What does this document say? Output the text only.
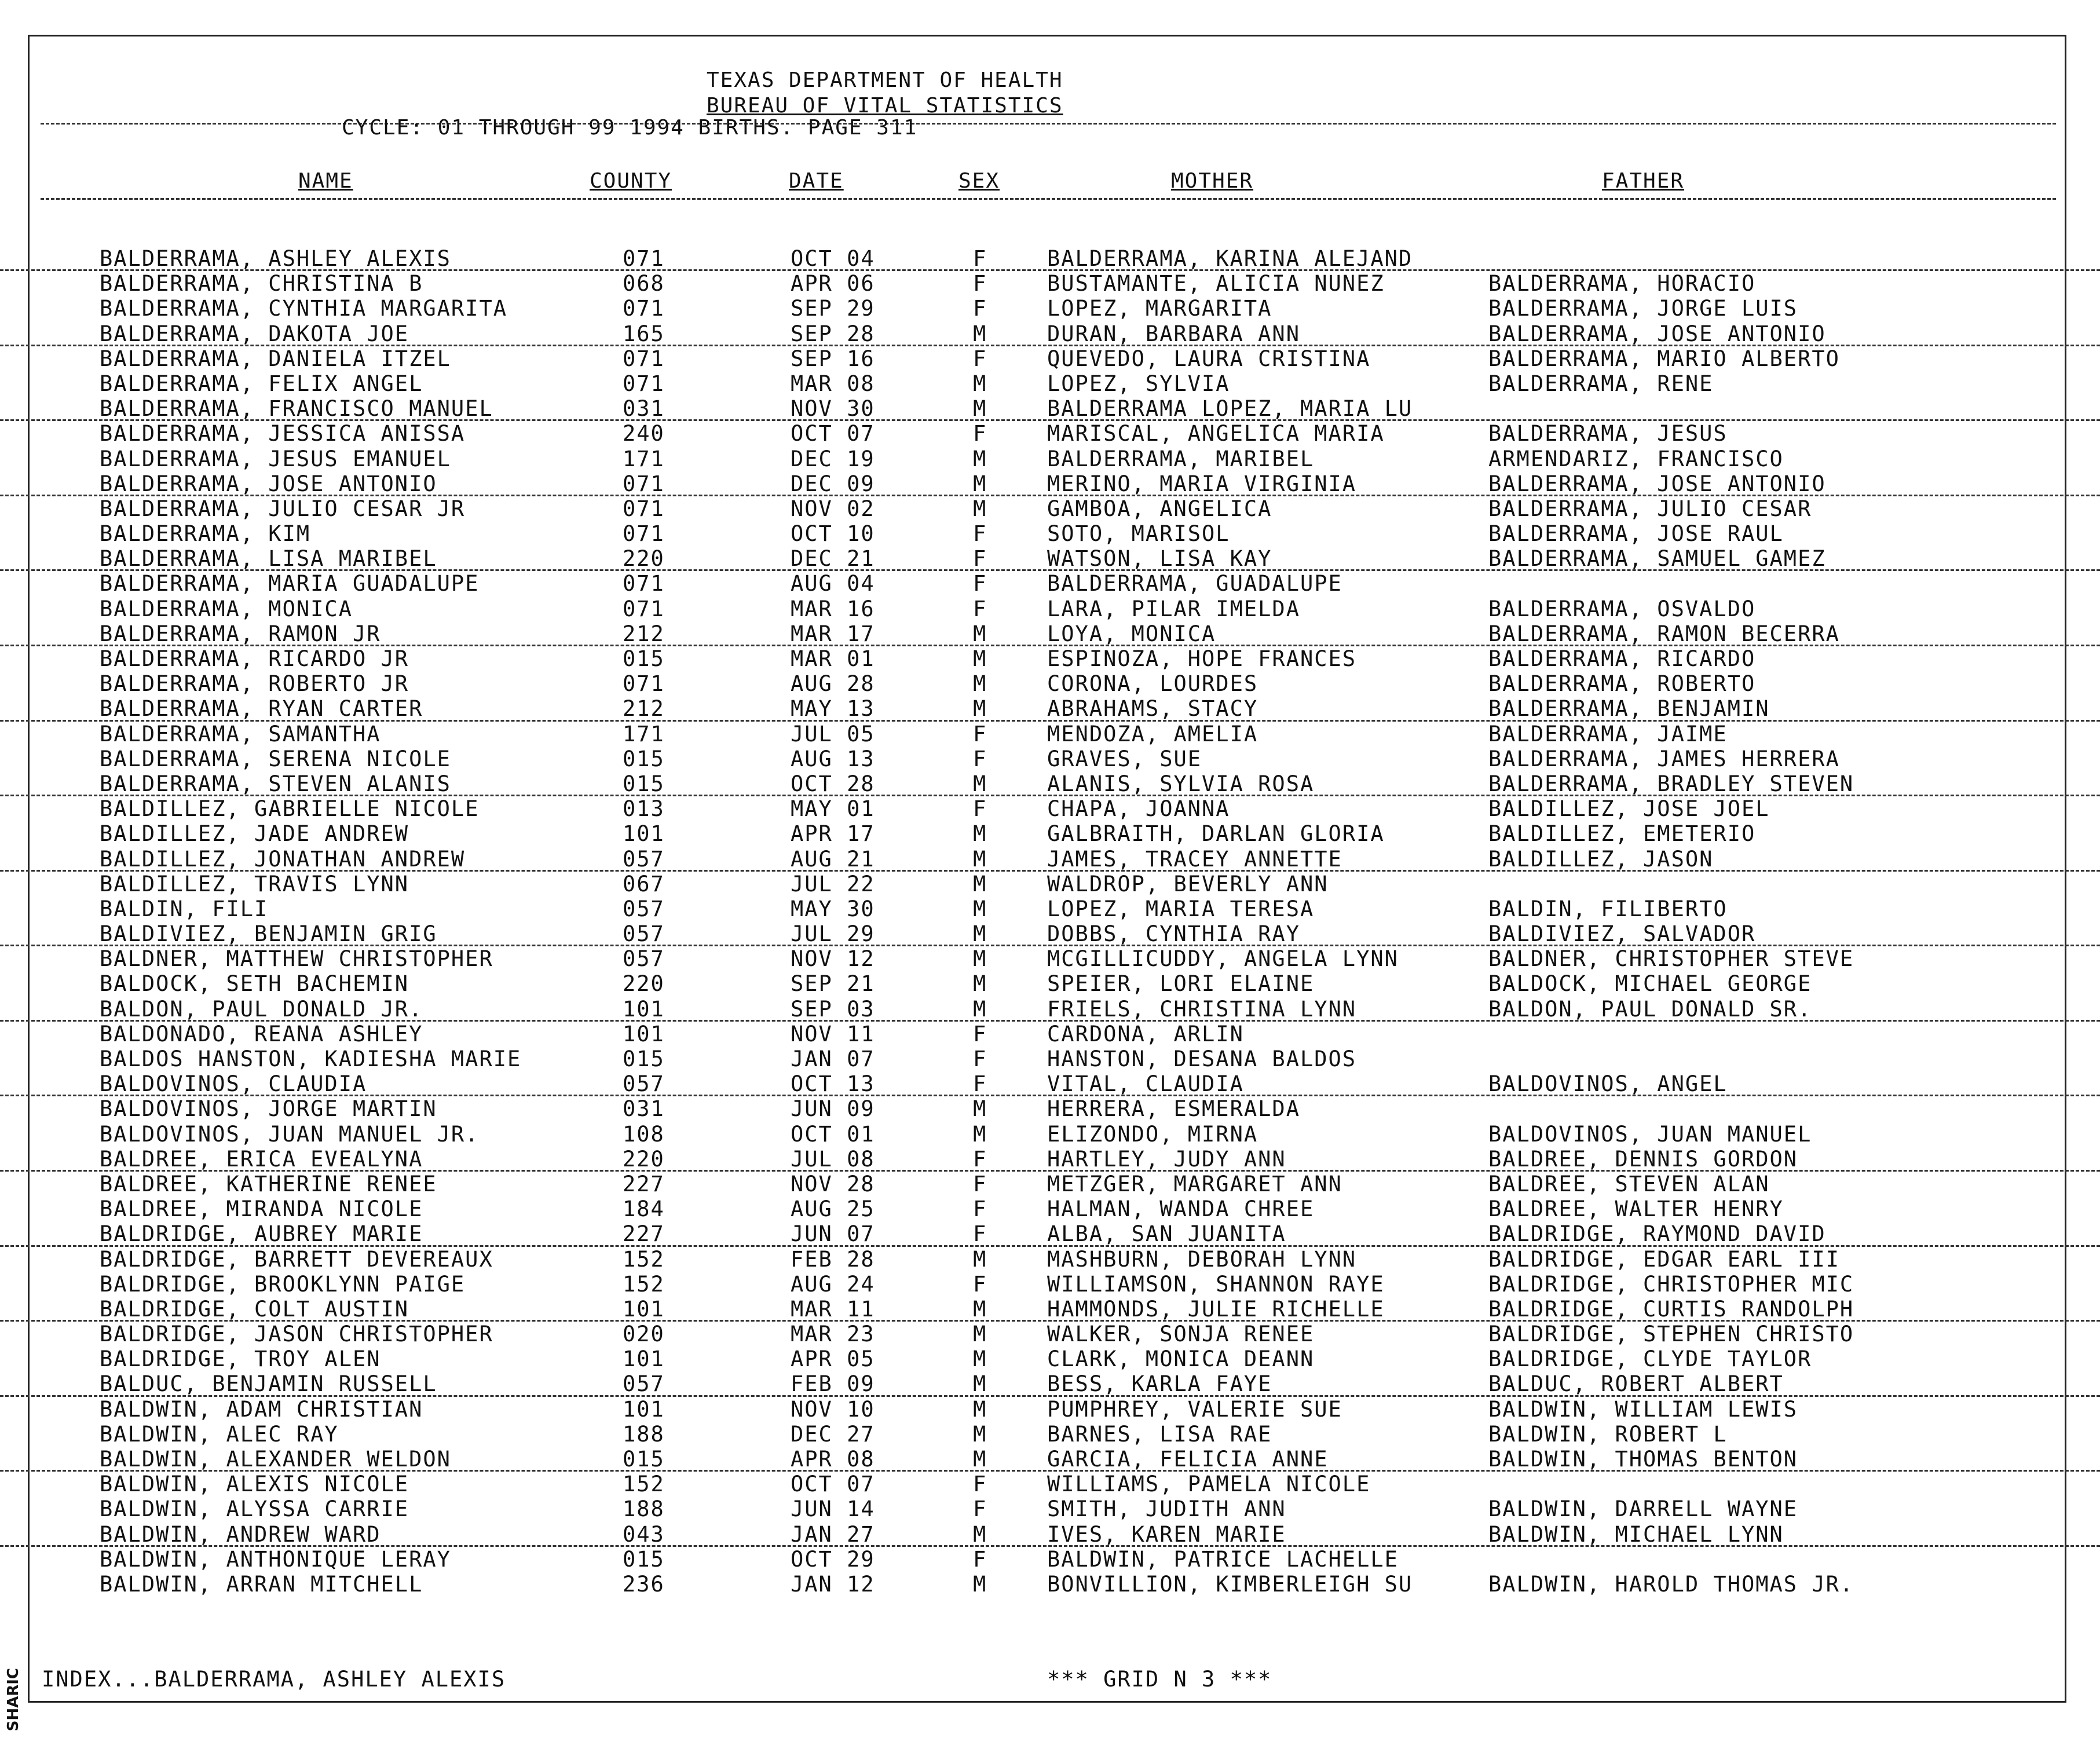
TEXAS DEPARTMENT OF HEALTH
BUREAU OF VITAL STATISTICS
CYCLE: 01 THROUGH 99 1994 BIRTHS. PAGE 311
NAME	COUNTY	DATE	SEX	MOTHER	FATHER
BALDERRAMA, ASHLEY ALEXIS	071	OCT 04	F	BALDERRAMA, KARINA ALEJAND
BALDERRAMA, CHRISTINA B	068	APR 06	F	BUSTAMANTE, ALICIA NUNEZ	BALDERRAMA, HORACIO
BALDERRAMA, CYNTHIA MARGARITA	071	SEP 29	F	LOPEZ, MARGARITA	BALDERRAMA, JORGE LUIS
BALDERRAMA, DAKOTA JOE	165	SEP 28	M	DURAN, BARBARA ANN	BALDERRAMA, JOSE ANTONIO
BALDERRAMA, DANIELA ITZEL	071	SEP 16	F	QUEVEDO, LAURA CRISTINA	BALDERRAMA, MARIO ALBERTO
BALDERRAMA, FELIX ANGEL	071	MAR 08	M	LOPEZ, SYLVIA	BALDERRAMA, RENE
BALDERRAMA, FRANCISCO MANUEL	031	NOV 30	M	BALDERRAMA LOPEZ, MARIA LU
BALDERRAMA, JESSICA ANISSA	240	OCT 07	F	MARISCAL, ANGELICA MARIA	BALDERRAMA, JESUS
BALDERRAMA, JESUS EMANUEL	171	DEC 19	M	BALDERRAMA, MARIBEL	ARMENDARIZ, FRANCISCO
BALDERRAMA, JOSE ANTONIO	071	DEC 09	M	MERINO, MARIA VIRGINIA	BALDERRAMA, JOSE ANTONIO
BALDERRAMA, JULIO CESAR JR	071	NOV 02	M	GAMBOA, ANGELICA	BALDERRAMA, JULIO CESAR
BALDERRAMA, KIM	071	OCT 10	F	SOTO, MARISOL	BALDERRAMA, JOSE RAUL
BALDERRAMA, LISA MARIBEL	220	DEC 21	F	WATSON, LISA KAY	BALDERRAMA, SAMUEL GAMEZ
BALDERRAMA, MARIA GUADALUPE	071	AUG 04	F	BALDERRAMA, GUADALUPE
BALDERRAMA, MONICA	071	MAR 16	F	LARA, PILAR IMELDA	BALDERRAMA, OSVALDO
BALDERRAMA, RAMON JR	212	MAR 17	M	LOYA, MONICA	BALDERRAMA, RAMON BECERRA
BALDERRAMA, RICARDO JR	015	MAR 01	M	ESPINOZA, HOPE FRANCES	BALDERRAMA, RICARDO
BALDERRAMA, ROBERTO JR	071	AUG 28	M	CORONA, LOURDES	BALDERRAMA, ROBERTO
BALDERRAMA, RYAN CARTER	212	MAY 13	M	ABRAHAMS, STACY	BALDERRAMA, BENJAMIN
BALDERRAMA, SAMANTHA	171	JUL 05	F	MENDOZA, AMELIA	BALDERRAMA, JAIME
BALDERRAMA, SERENA NICOLE	015	AUG 13	F	GRAVES, SUE	BALDERRAMA, JAMES HERRERA
BALDERRAMA, STEVEN ALANIS	015	OCT 28	M	ALANIS, SYLVIA ROSA	BALDERRAMA, BRADLEY STEVEN
BALDILLEZ, GABRIELLE NICOLE	013	MAY 01	F	CHAPA, JOANNA	BALDILLEZ, JOSE JOEL
BALDILLEZ, JADE ANDREW	101	APR 17	M	GALBRAITH, DARLAN GLORIA	BALDILLEZ, EMETERIO
BALDILLEZ, JONATHAN ANDREW	057	AUG 21	M	JAMES, TRACEY ANNETTE	BALDILLEZ, JASON
BALDILLEZ, TRAVIS LYNN	067	JUL 22	M	WALDROP, BEVERLY ANN
BALDIN, FILI	057	MAY 30	M	LOPEZ, MARIA TERESA	BALDIN, FILIBERTO
BALDIVIEZ, BENJAMIN GRIG	057	JUL 29	M	DOBBS, CYNTHIA RAY	BALDIVIEZ, SALVADOR
BALDNER, MATTHEW CHRISTOPHER	057	NOV 12	M	MCGILLICUDDY, ANGELA LYNN	BALDNER, CHRISTOPHER STEVE
BALDOCK, SETH BACHEMIN	220	SEP 21	M	SPEIER, LORI ELAINE	BALDOCK, MICHAEL GEORGE
BALDON, PAUL DONALD JR.	101	SEP 03	M	FRIELS, CHRISTINA LYNN	BALDON, PAUL DONALD SR.
BALDONADO, REANA ASHLEY	101	NOV 11	F	CARDONA, ARLIN
BALDOS HANSTON, KADIESHA MARIE	015	JAN 07	F	HANSTON, DESANA BALDOS
BALDOVINOS, CLAUDIA	057	OCT 13	F	VITAL, CLAUDIA	BALDOVINOS, ANGEL
BALDOVINOS, JORGE MARTIN	031	JUN 09	M	HERRERA, ESMERALDA
BALDOVINOS, JUAN MANUEL JR.	108	OCT 01	M	ELIZONDO, MIRNA	BALDOVINOS, JUAN MANUEL
BALDREE, ERICA EVEALYNA	220	JUL 08	F	HARTLEY, JUDY ANN	BALDREE, DENNIS GORDON
BALDREE, KATHERINE RENEE	227	NOV 28	F	METZGER, MARGARET ANN	BALDREE, STEVEN ALAN
BALDREE, MIRANDA NICOLE	184	AUG 25	F	HALMAN, WANDA CHREE	BALDREE, WALTER HENRY
BALDRIDGE, AUBREY MARIE	227	JUN 07	F	ALBA, SAN JUANITA	BALDRIDGE, RAYMOND DAVID
BALDRIDGE, BARRETT DEVEREAUX	152	FEB 28	M	MASHBURN, DEBORAH LYNN	BALDRIDGE, EDGAR EARL III
BALDRIDGE, BROOKLYNN PAIGE	152	AUG 24	F	WILLIAMSON, SHANNON RAYE	BALDRIDGE, CHRISTOPHER MIC
BALDRIDGE, COLT AUSTIN	101	MAR 11	M	HAMMONDS, JULIE RICHELLE	BALDRIDGE, CURTIS RANDOLPH
BALDRIDGE, JASON CHRISTOPHER	020	MAR 23	M	WALKER, SONJA RENEE	BALDRIDGE, STEPHEN CHRISTO
BALDRIDGE, TROY ALEN	101	APR 05	M	CLARK, MONICA DEANN	BALDRIDGE, CLYDE TAYLOR
BALDUC, BENJAMIN RUSSELL	057	FEB 09	M	BESS, KARLA FAYE	BALDUC, ROBERT ALBERT
BALDWIN, ADAM CHRISTIAN	101	NOV 10	M	PUMPHREY, VALERIE SUE	BALDWIN, WILLIAM LEWIS
BALDWIN, ALEC RAY	188	DEC 27	M	BARNES, LISA RAE	BALDWIN, ROBERT L
BALDWIN, ALEXANDER WELDON	015	APR 08	M	GARCIA, FELICIA ANNE	BALDWIN, THOMAS BENTON
BALDWIN, ALEXIS NICOLE	152	OCT 07	F	WILLIAMS, PAMELA NICOLE
BALDWIN, ALYSSA CARRIE	188	JUN 14	F	SMITH, JUDITH ANN	BALDWIN, DARRELL WAYNE
BALDWIN, ANDREW WARD	043	JAN 27	M	IVES, KAREN MARIE	BALDWIN, MICHAEL LYNN
BALDWIN, ANTHONIQUE LERAY	015	OCT 29	F	BALDWIN, PATRICE LACHELLE
BALDWIN, ARRAN MITCHELL	236	JAN 12	M	BONVILLION, KIMBERLEIGH SU	BALDWIN, HAROLD THOMAS JR.
INDEX...BALDERRAMA, ASHLEY ALEXIS	*** GRID N 3 ***
SHARIC
